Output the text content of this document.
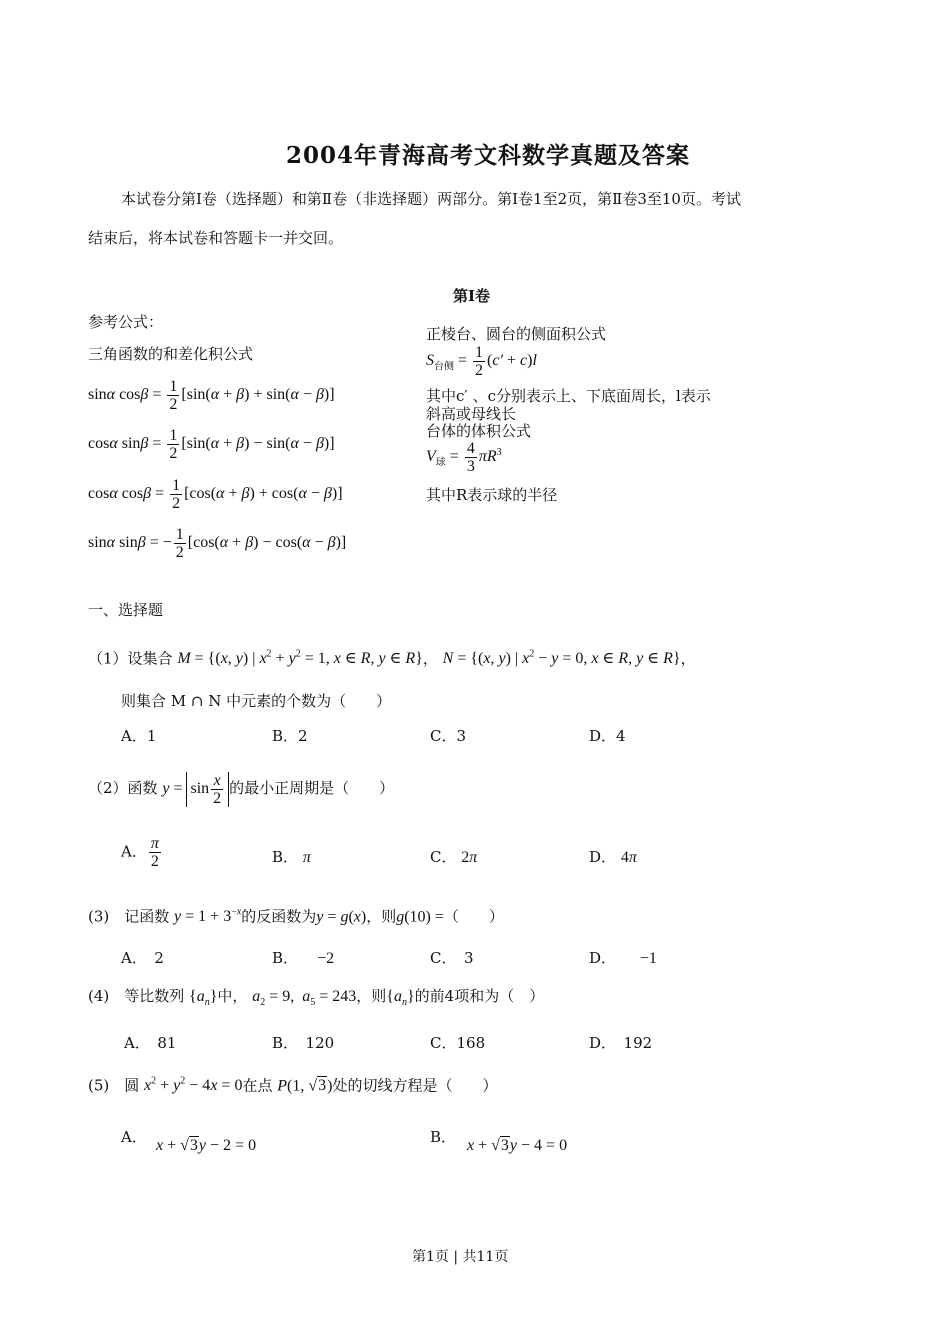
2004年青海高考文科数学真题及答案
本试卷分第Ⅰ卷（选择题）和第Ⅱ卷（非选择题）两部分。第Ⅰ卷1至2页，第Ⅱ卷3至10页。考试
结束后，将本试卷和答题卡一并交回。
第Ⅰ卷
参考公式：
三角函数的和差化积公式
sinα $\cos\beta = \frac{1}{2} [\sin(\alpha + \beta) + \sin(\alpha - \beta)]$
cosα $\sin\beta = \frac{1}{2} [\sin(\alpha + \beta) - \sin(\alpha - \beta)]$
cosα $\cos\beta = \frac{1}{2} [\cos(\alpha + \beta) + \cos(\alpha - \beta)]$
sinα sinβ = − $\frac{1}{2} [\cos(\alpha + \beta) - \cos(\alpha - \beta)]$
正棱台、圆台的侧面积公式
$S_{台侧} = \frac{1}{2} (c' + c)l$
其中c′ 、c分别表示上、下底面周长，l表示
斜高或母线长
台体的体积公式
$V_球 = \frac{4}{3} \pi R^3$
其中R表示球的半径
一、选择题
（1）设集合 M = {(x, y) | $x^2 + y^2 = 1$, x ∈ R, y ∈ R}， N = {(x, y) | $x^2 - y = 0$, x ∈ R, y ∈ R}，
则集合 M ∩ N 中元素的个数为（　　）
A．1	B．2	C．3	D．4
（2）函数 $y = \sin \frac{x}{2}$ 的最小正周期是（　　）
A． $\frac{\pi}{2}$	B． π	C． 2π	D． 4π
(3)　记函数 $y = 1 + 3^{-x}$的反函数为y = g(x)，则g(10) =（　　）
A．　2	B． −2	C．　3	D． −1
(4)　等比数列 $\{a_n\}$中， $a_2 = 9$,  $a_5 = 243$，则$\{a_n\}$的前4项和为（　）
A．　81	B．　120	C．168	D．　192
(5)　圆 $x^2 + y^2 - 4x = 0$在点 P(1, √3)处的切线方程是（　　）
A． x + √3y − 2 = 0	B． x + √3y − 4 = 0
第1页 | 共11页
